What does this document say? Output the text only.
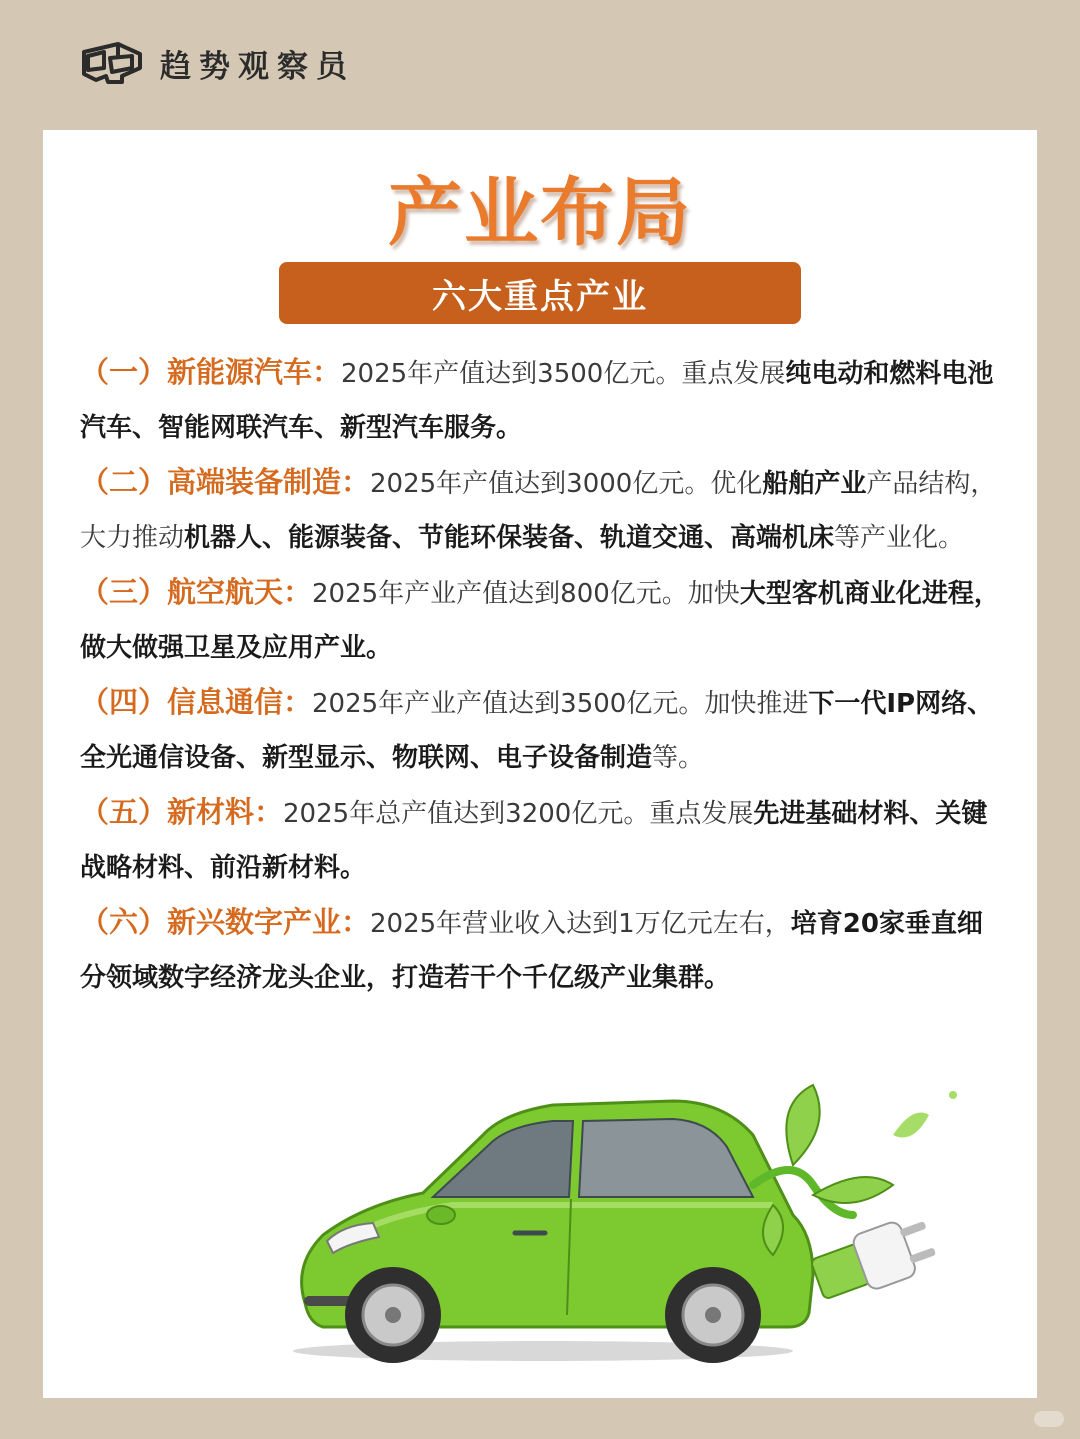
趋势观察员
产业布局
六大重点产业

（一）新能源汽车：2025年产值达到3500亿元。重点发展纯电动和燃料电池汽车、智能网联汽车、新型汽车服务。

（二）高端装备制造：2025年产值达到3000亿元。优化船舶产业产品结构，大力推动机器人、能源装备、节能环保装备、轨道交通、高端机床等产业化。

（三）航空航天：2025年产业产值达到800亿元。加快大型客机商业化进程，做大做强卫星及应用产业。

（四）信息通信：2025年产业产值达到3500亿元。加快推进下一代IP网络、全光通信设备、新型显示、物联网、电子设备制造等。

（五）新材料：2025年总产值达到3200亿元。重点发展先进基础材料、关键战略材料、前沿新材料。

（六）新兴数字产业：2025年营业收入达到1万亿元左右，培育20家垂直细分领域数字经济龙头企业，打造若干个千亿级产业集群。
